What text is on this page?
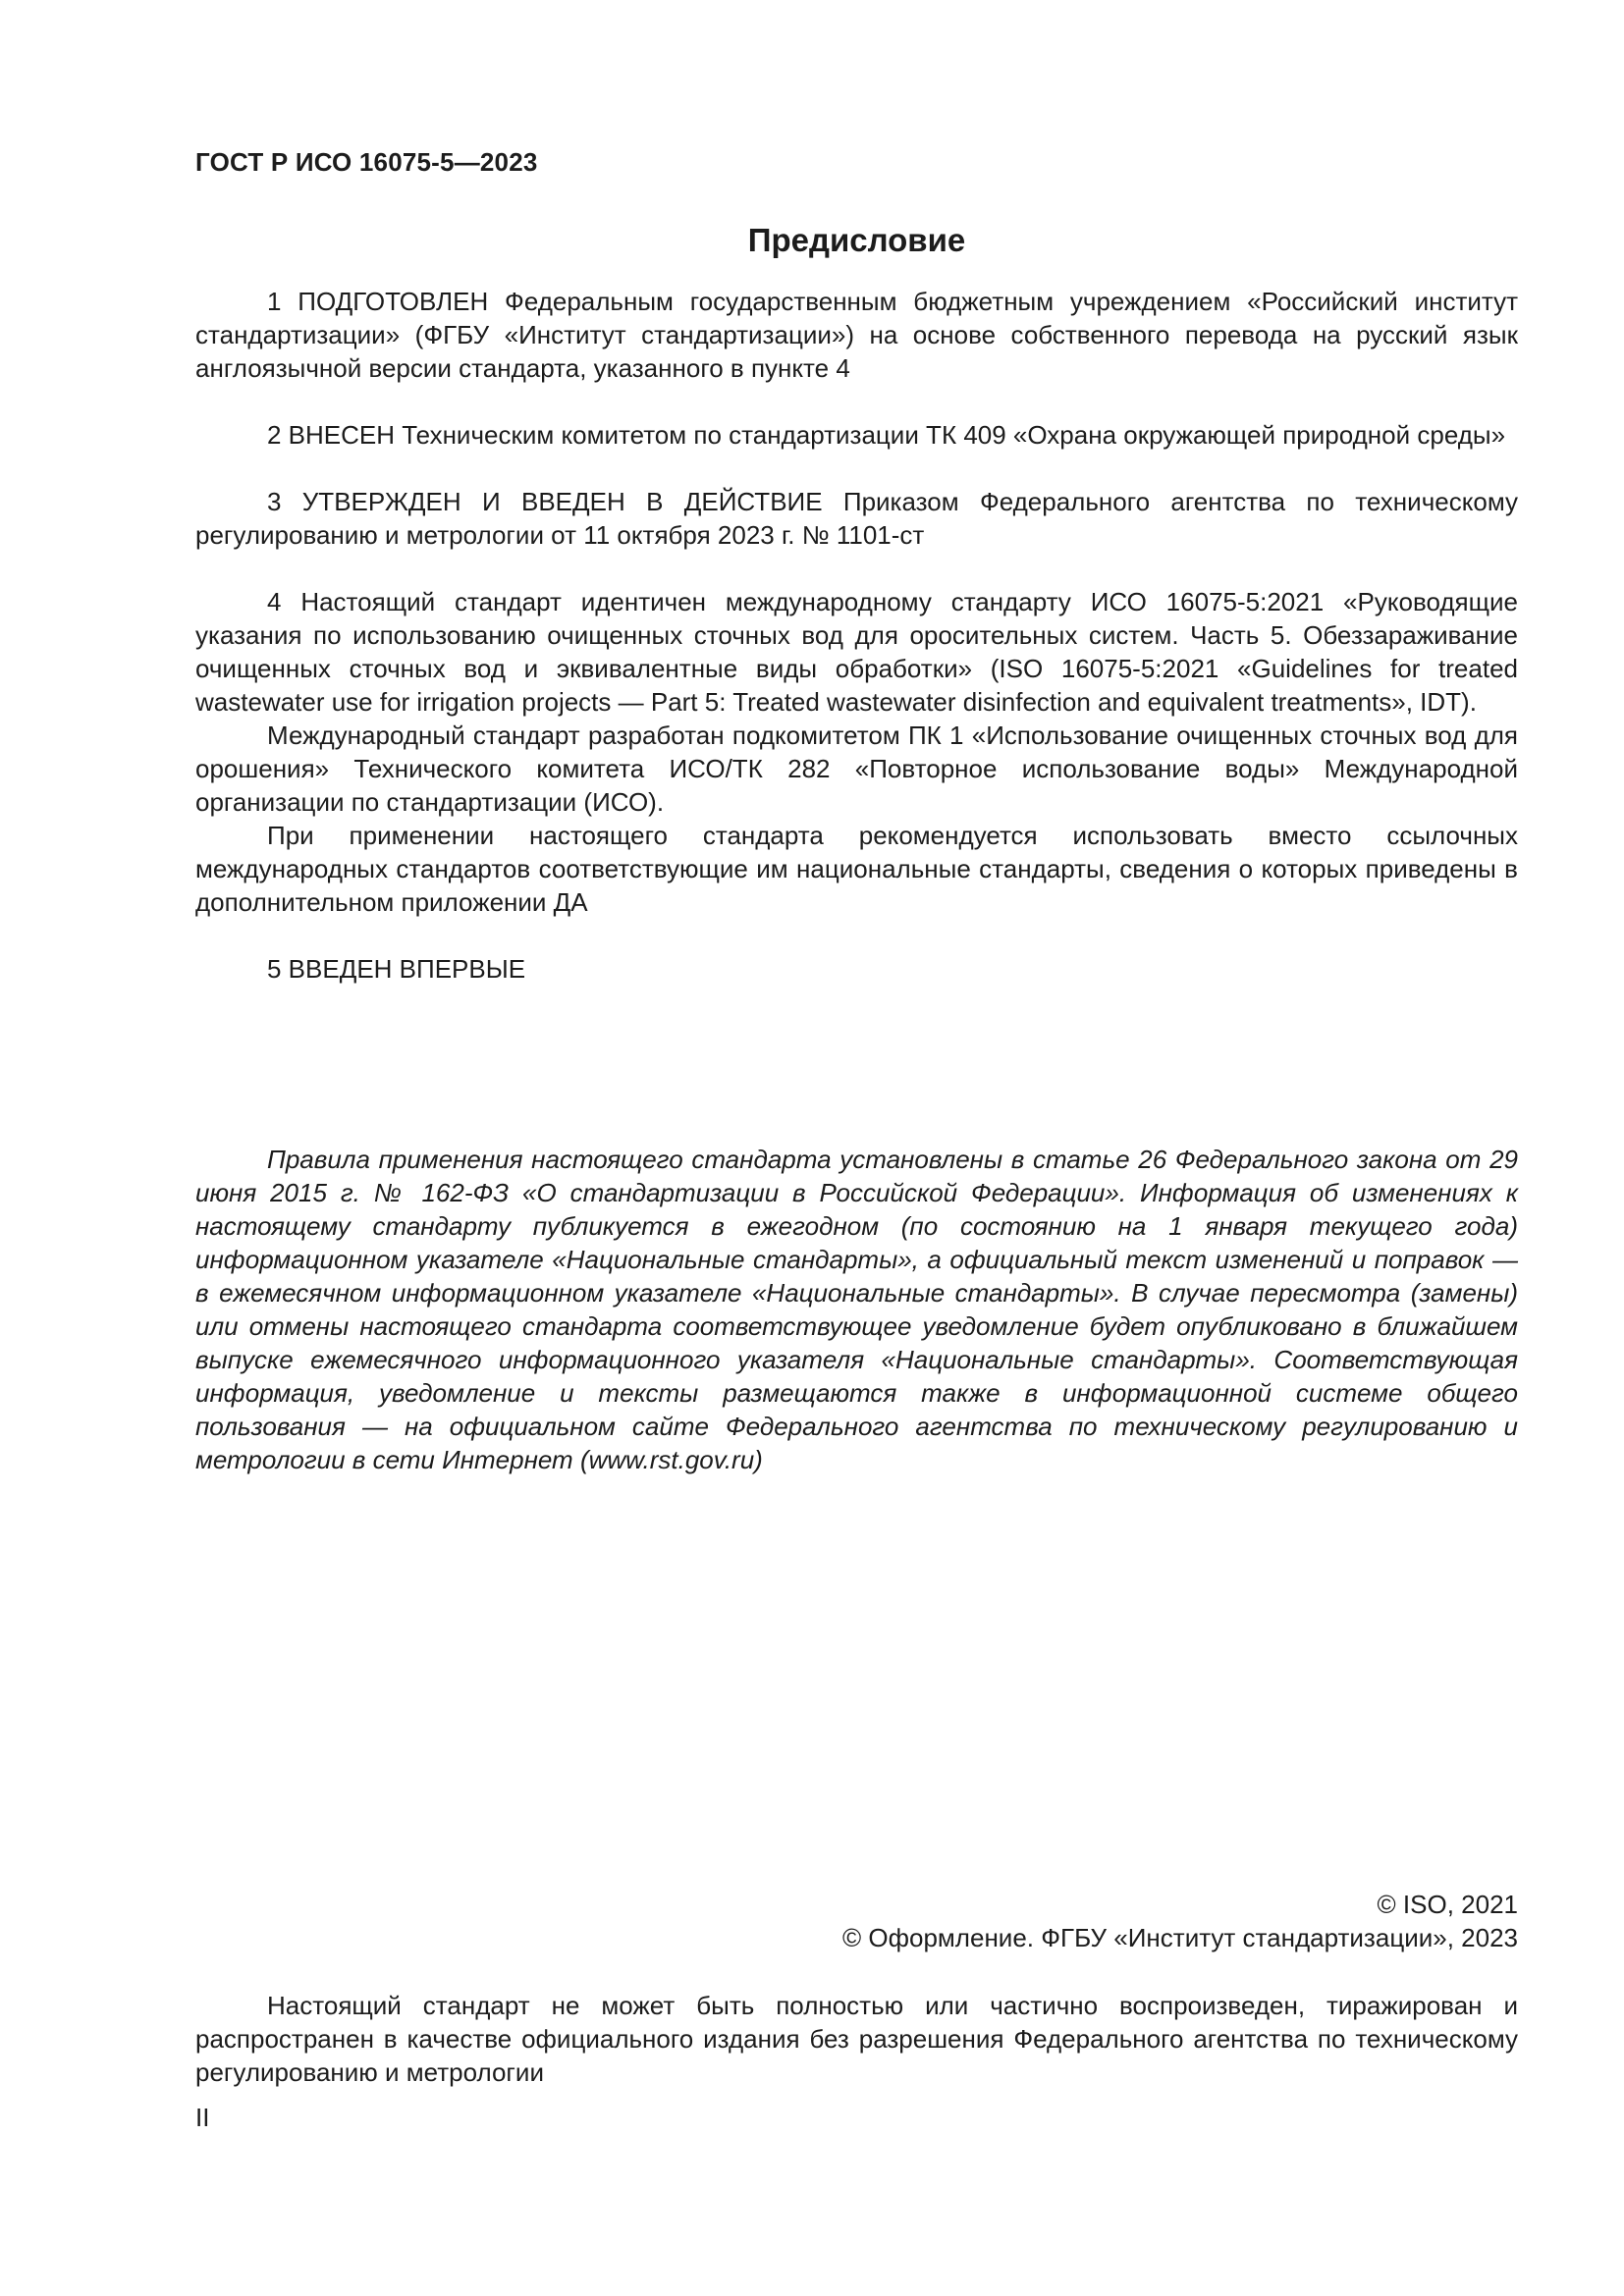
ГОСТ Р ИСО 16075-5—2023
Предисловие

1 ПОДГОТОВЛЕН Федеральным государственным бюджетным учреждением «Российский институт стандартизации» (ФГБУ «Институт стандартизации») на основе собственного перевода на русский язык англоязычной версии стандарта, указанного в пункте 4

2 ВНЕСЕН Техническим комитетом по стандартизации ТК 409 «Охрана окружающей природной среды»

3 УТВЕРЖДЕН И ВВЕДЕН В ДЕЙСТВИЕ Приказом Федерального агентства по техническому регулированию и метрологии от 11 октября 2023 г. № 1101-ст

4 Настоящий стандарт идентичен международному стандарту ИСО 16075-5:2021 «Руководящие указания по использованию очищенных сточных вод для оросительных систем. Часть 5. Обеззараживание очищенных сточных вод и эквивалентные виды обработки» (ISO 16075-5:2021 «Guidelines for treated wastewater use for irrigation projects — Part 5: Treated wastewater disinfection and equivalent treatments», IDT).

Международный стандарт разработан подкомитетом ПК 1 «Использование очищенных сточных вод для орошения» Технического комитета ИСО/ТК 282 «Повторное использование воды» Международной организации по стандартизации (ИСО).

При применении настоящего стандарта рекомендуется использовать вместо ссылочных международных стандартов соответствующие им национальные стандарты, сведения о которых приведены в дополнительном приложении ДА

5 ВВЕДЕН ВПЕРВЫЕ

Правила применения настоящего стандарта установлены в статье 26 Федерального закона от 29 июня 2015 г. № 162-ФЗ «О стандартизации в Российской Федерации». Информация об изменениях к настоящему стандарту публикуется в ежегодном (по состоянию на 1 января текущего года) информационном указателе «Национальные стандарты», а официальный текст изменений и поправок — в ежемесячном информационном указателе «Национальные стандарты». В случае пересмотра (замены) или отмены настоящего стандарта соответствующее уведомление будет опубликовано в ближайшем выпуске ежемесячного информационного указателя «Национальные стандарты». Соответствующая информация, уведомление и тексты размещаются также в информационной системе общего пользования — на официальном сайте Федерального агентства по техническому регулированию и метрологии в сети Интернет (www.rst.gov.ru)

© ISO, 2021
© Оформление. ФГБУ «Институт стандартизации», 2023

Настоящий стандарт не может быть полностью или частично воспроизведен, тиражирован и распространен в качестве официального издания без разрешения Федерального агентства по техническому регулированию и метрологии

II
